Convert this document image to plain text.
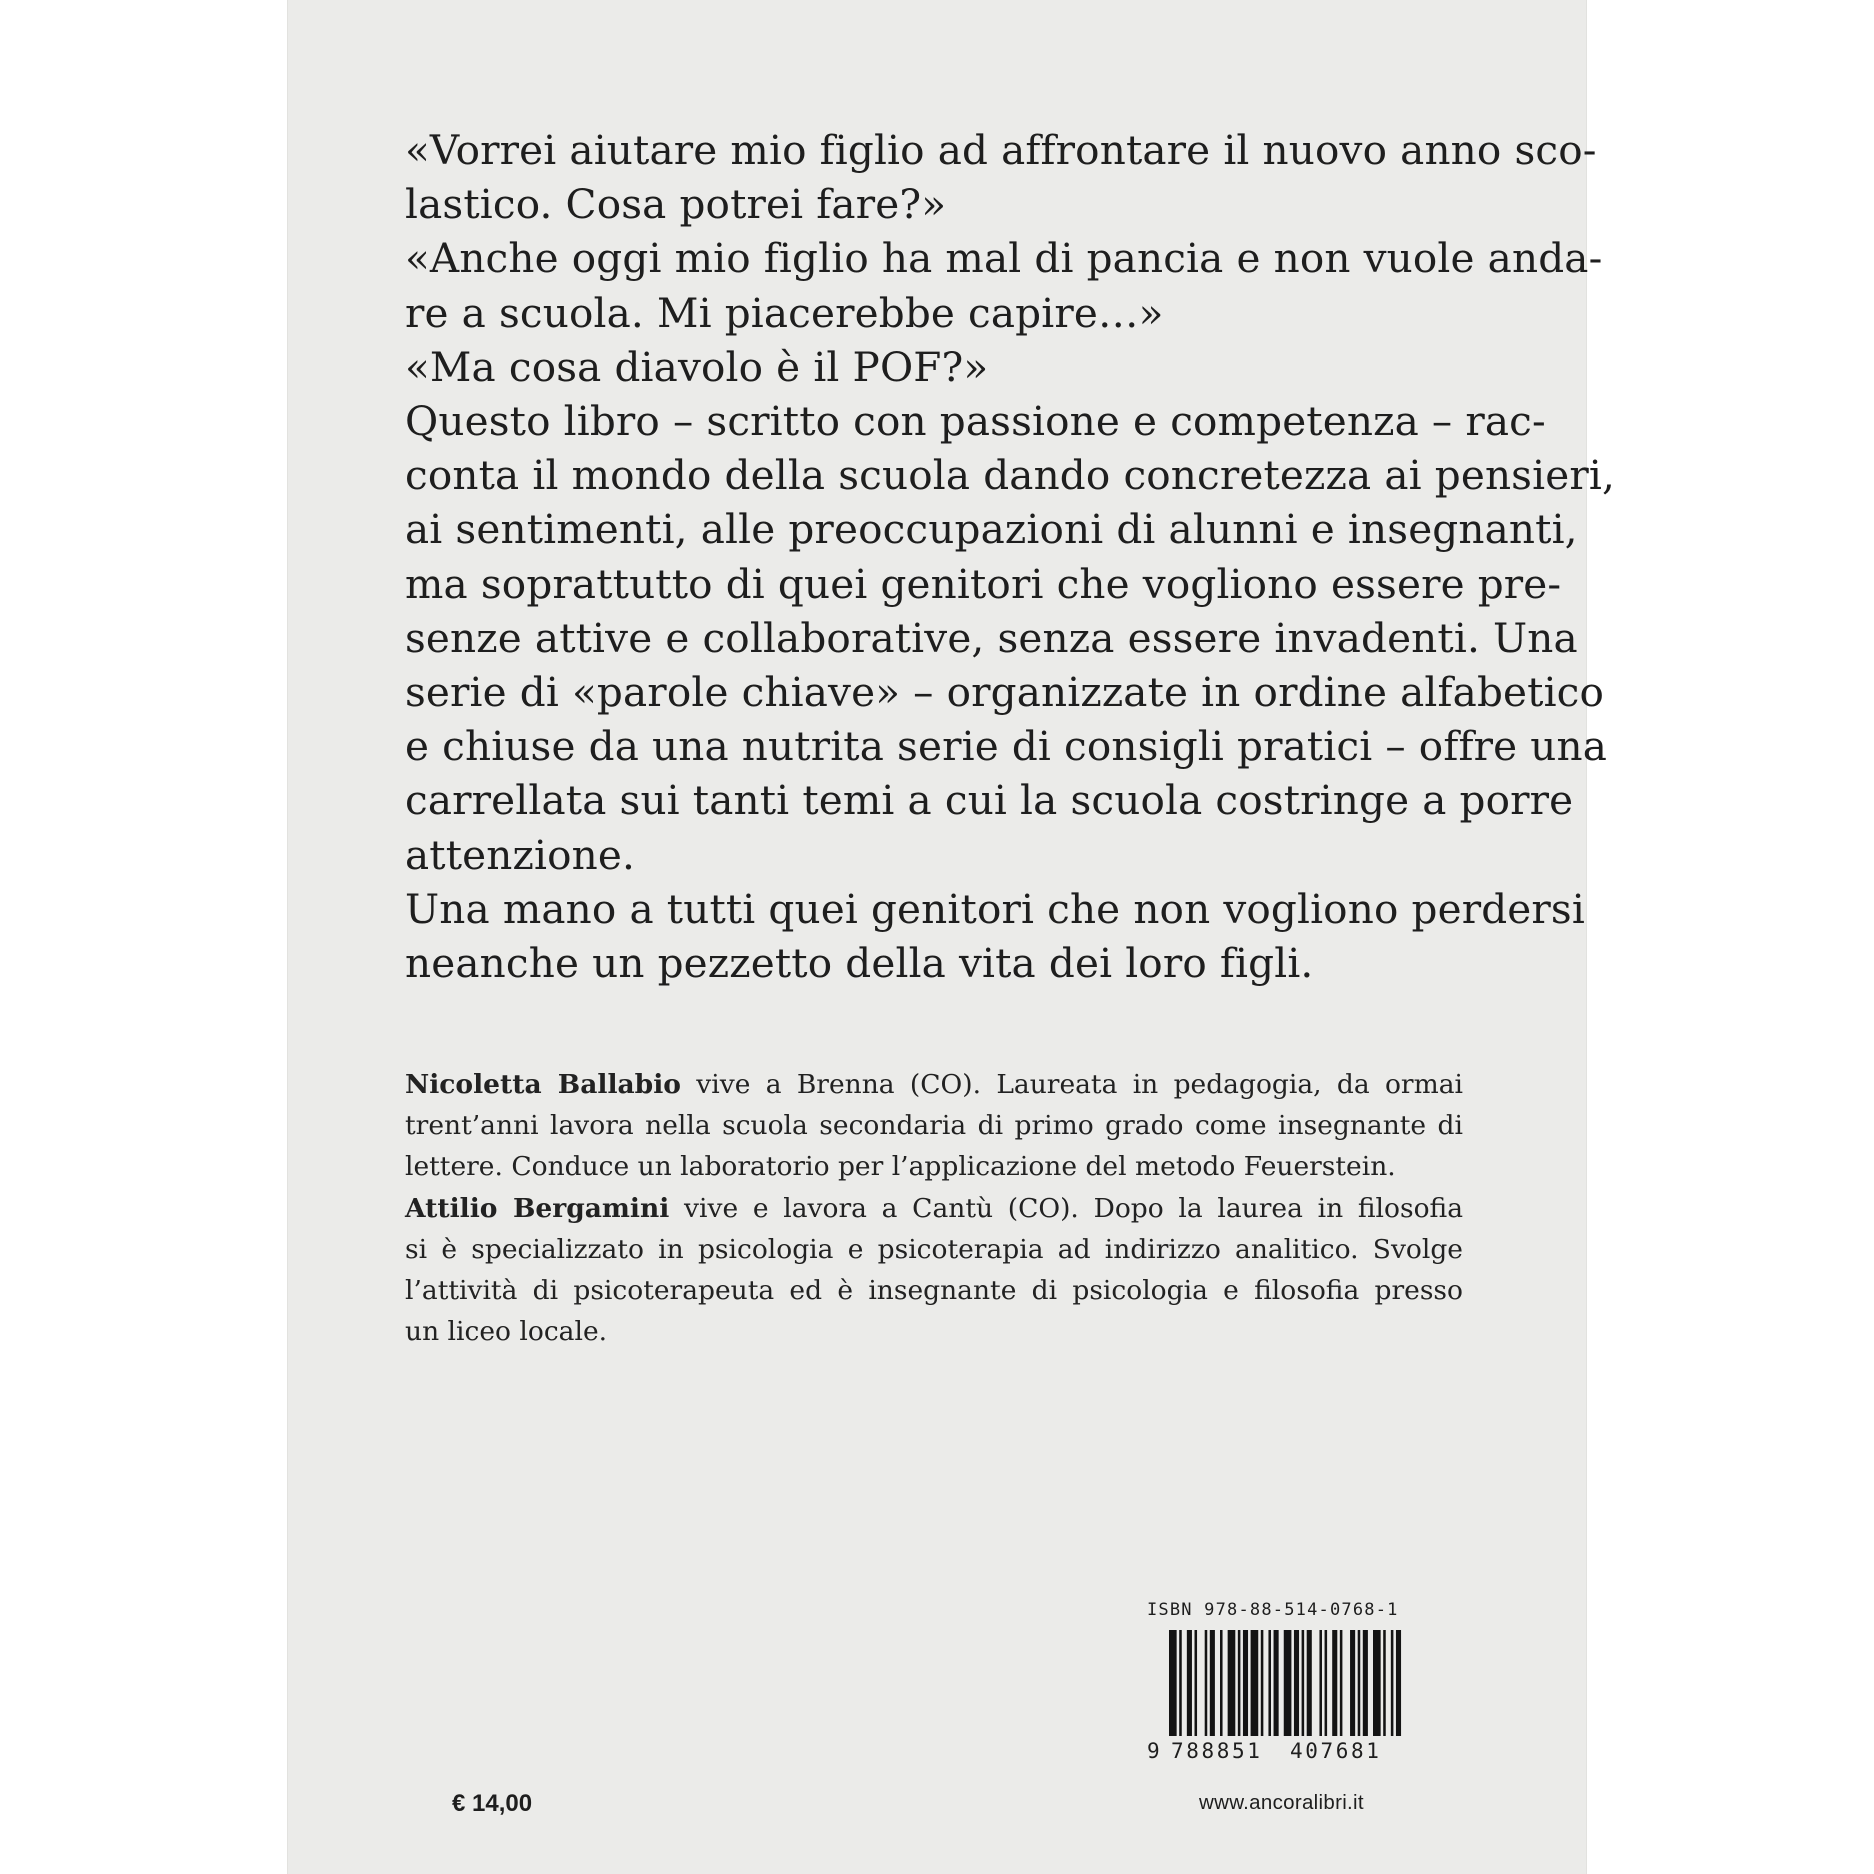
«Vorrei aiutare mio figlio ad affrontare il nuovo anno sco-
lastico. Cosa potrei fare?»
«Anche oggi mio figlio ha mal di pancia e non vuole anda-
re a scuola. Mi piacerebbe capire…»
«Ma cosa diavolo è il POF?»
Questo libro – scritto con passione e competenza – rac-
conta il mondo della scuola dando concretezza ai pensieri,
ai sentimenti, alle preoccupazioni di alunni e insegnanti,
ma soprattutto di quei genitori che vogliono essere pre-
senze attive e collaborative, senza essere invadenti. Una
serie di «parole chiave» – organizzate in ordine alfabetico
e chiuse da una nutrita serie di consigli pratici – offre una
carrellata sui tanti temi a cui la scuola costringe a porre
attenzione.
Una mano a tutti quei genitori che non vogliono perdersi
neanche un pezzetto della vita dei loro figli.
Nicoletta Ballabio vive a Brenna (CO). Laureata in pedagogia, da ormai
trent’anni lavora nella scuola secondaria di primo grado come insegnante di
lettere. Conduce un laboratorio per l’applicazione del metodo Feuerstein.
Attilio Bergamini vive e lavora a Cantù (CO). Dopo la laurea in filosofia
si è specializzato in psicologia e psicoterapia ad indirizzo analitico. Svolge
l’attività di psicoterapeuta ed è insegnante di psicologia e filosofia presso
un liceo locale.
ISBN 978-88-514-0768-1
9 788851 407681
€ 14,00	www.ancoralibri.it
